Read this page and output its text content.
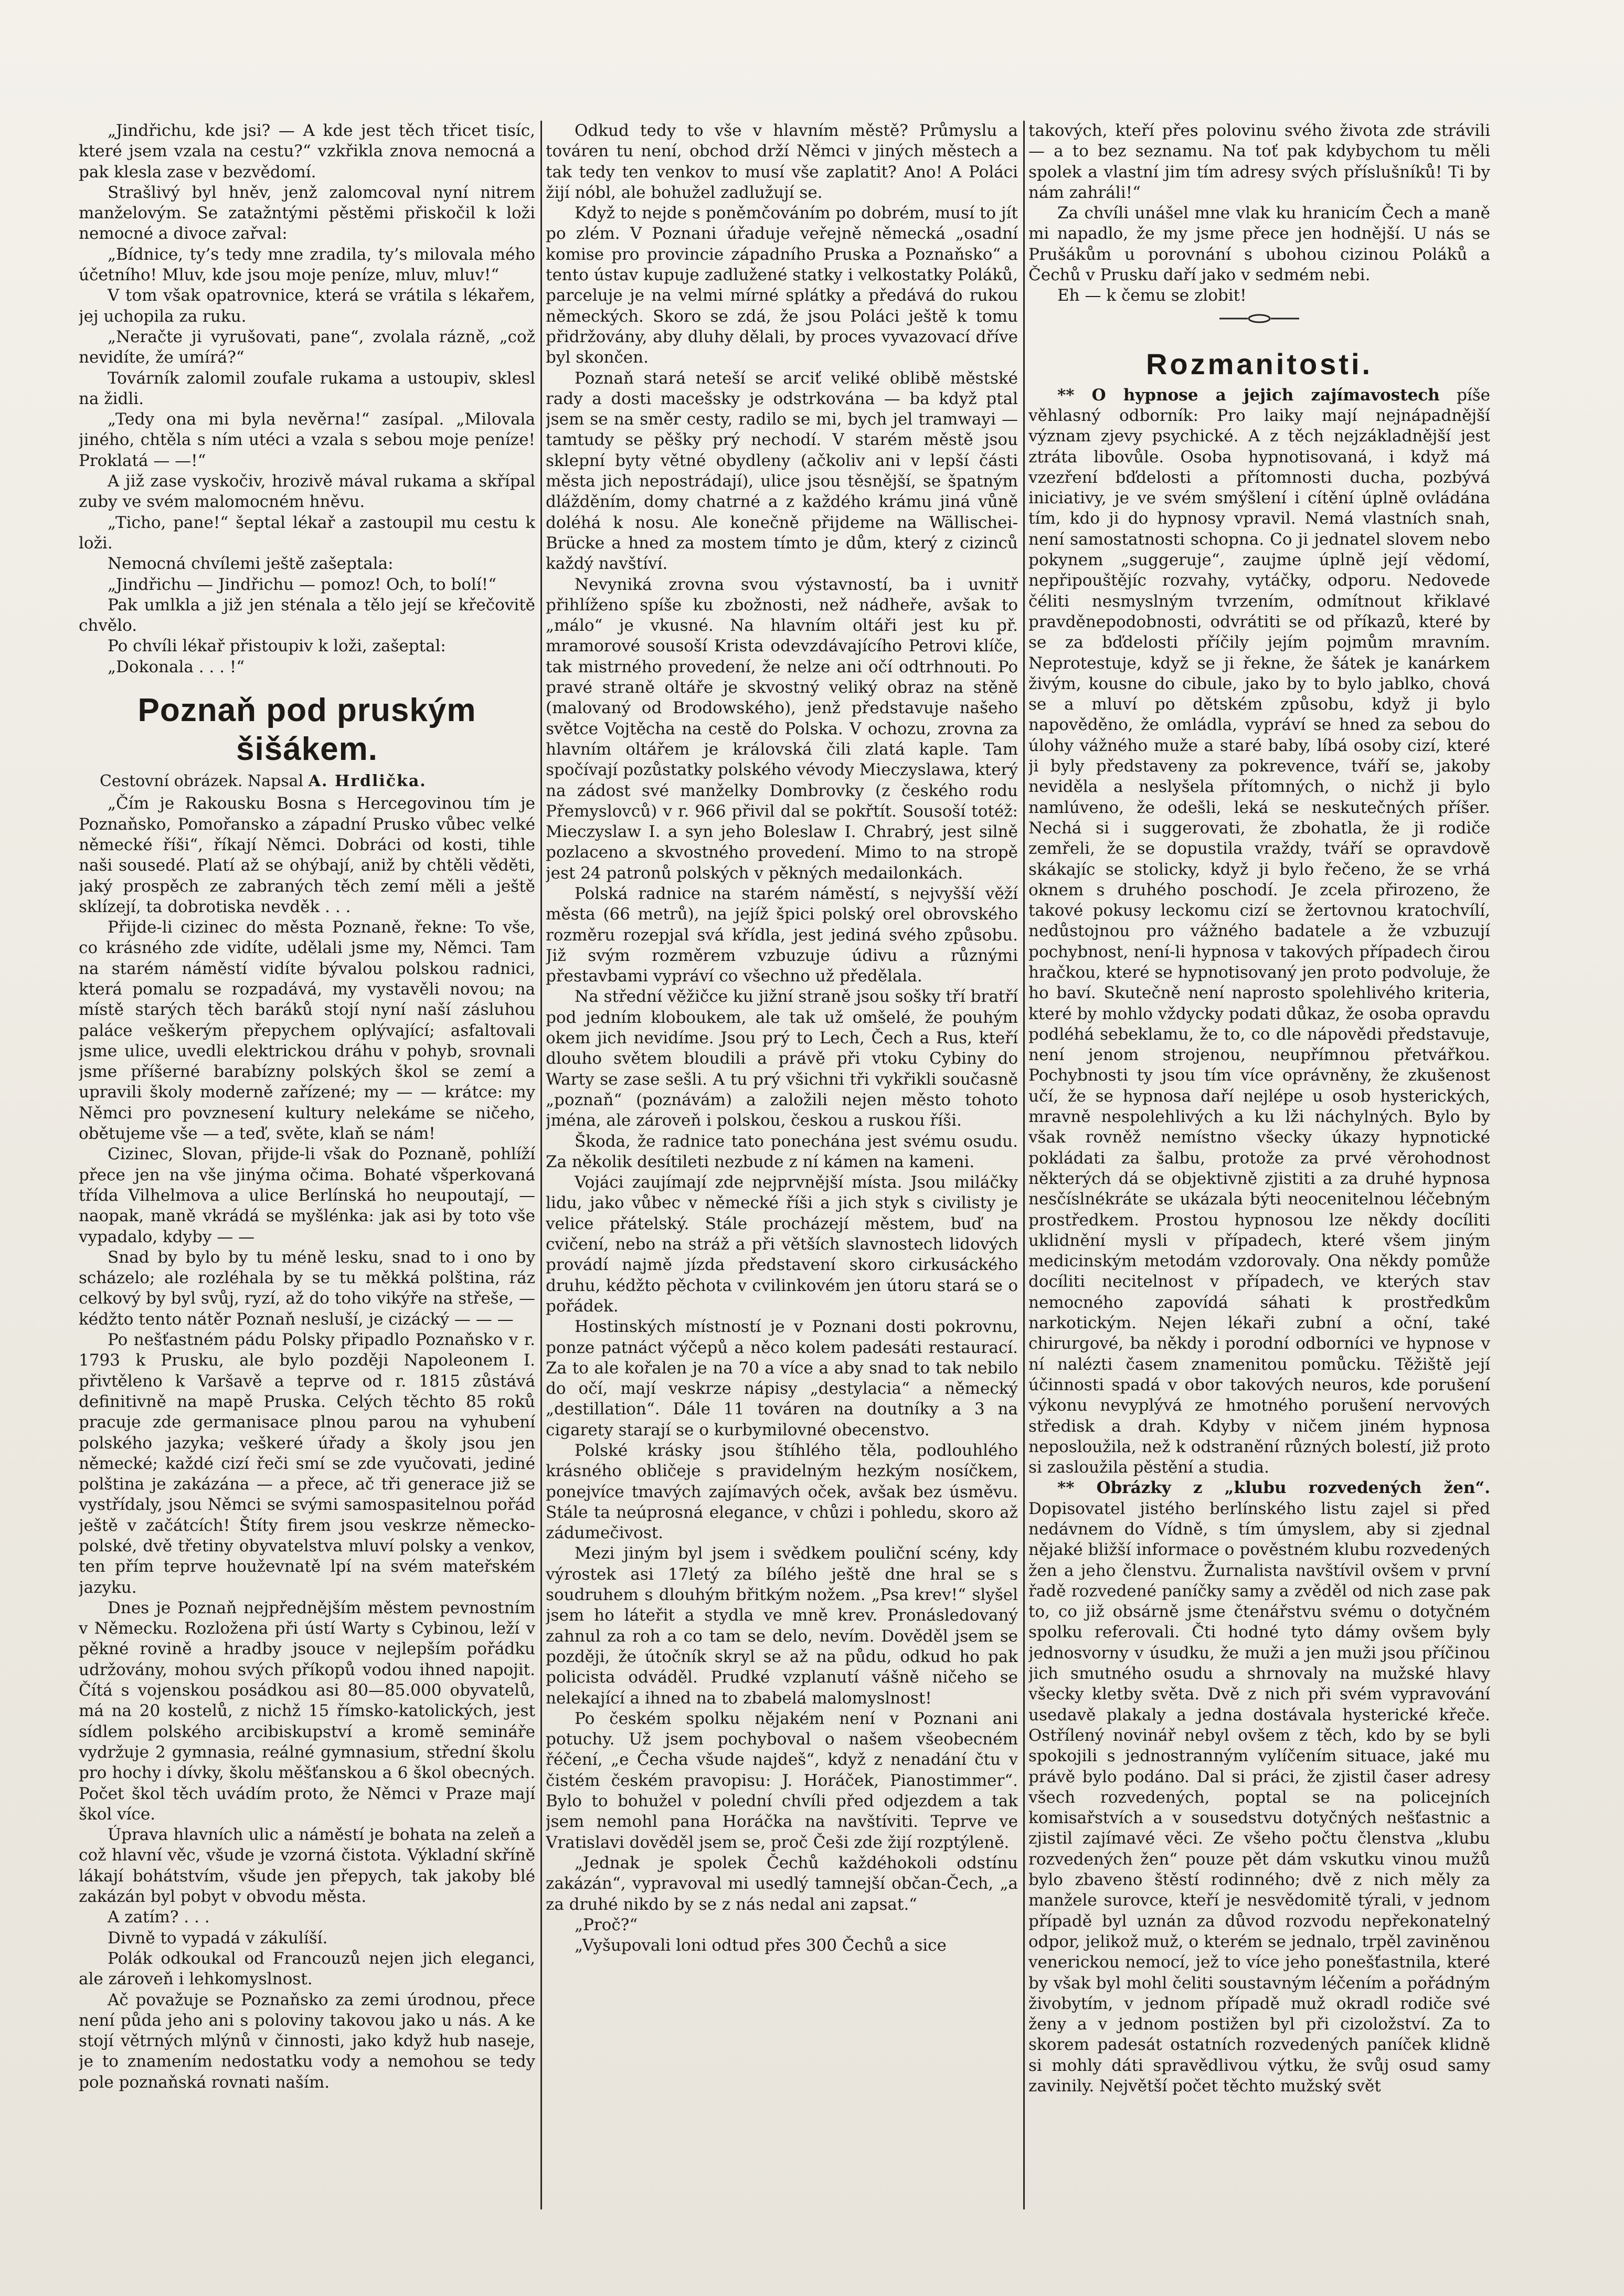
„Jindřichu, kde jsi? — A kde jest těch třicet tisíc, které jsem vzala na cestu?“ vzkřikla znova nemocná a pak klesla zase v bezvědomí.

Strašlivý byl hněv, jenž zalomcoval nyní nitrem manželovým. Se zatažntými pěstěmi přiskočil k loži nemocné a divoce zařval:

„Bídnice, ty’s tedy mne zradila, ty’s milovala mého účetního! Mluv, kde jsou moje peníze, mluv, mluv!“

V tom však opatrovnice, která se vrátila s lékařem, jej uchopila za ruku.

„Neračte ji vyrušovati, pane“, zvolala rázně, „což nevidíte, že umírá?“

Továrník zalomil zoufale rukama a ustoupiv, sklesl na židli.

„Tedy ona mi byla nevěrna!“ zasípal. „Milovala jiného, chtěla s ním utéci a vzala s sebou moje peníze! Proklatá — —!“

A již zase vyskočiv, hrozivě mával rukama a skřípal zuby ve svém malomocném hněvu.

„Ticho, pane!“ šeptal lékař a zastoupil mu cestu k loži.

Nemocná chvílemi ještě zašeptala:

„Jindřichu — Jindřichu — pomoz! Och, to bolí!“

Pak umlkla a již jen sténala a tělo její se křečovitě chvělo.

Po chvíli lékař přistoupiv k loži, zašeptal:

„Dokonala . . . !“

Poznaň pod pruským šišákem.

Cestovní obrázek. Napsal A. Hrdlička.

„Čím je Rakousku Bosna s Hercegovinou tím je Poznaňsko, Pomořansko a západní Prusko vůbec velké německé říši“, říkají Němci. Dobráci od kosti, tihle naši sousedé. Platí až se ohýbají, aniž by chtěli věděti, jaký prospěch ze zabraných těch zemí měli a ještě sklízejí, ta dobrotiska nevděk . . .

Přijde-li cizinec do města Poznaně, řekne: To vše, co krásného zde vidíte, udělali jsme my, Němci. Tam na starém náměstí vidíte bývalou polskou radnici, která pomalu se rozpadává, my vystavěli novou; na místě starých těch baráků stojí nyní naší zásluhou paláce veškerým přepychem oplývající; asfaltovali jsme ulice, uvedli elektrickou dráhu v pohyb, srovnali jsme příšerné barabízny polských škol se zemí a upravili školy moderně zařízené; my — — krátce: my Němci pro povznesení kultury nelekáme se ničeho, obětujeme vše — a teď, světe, klaň se nám!

Cizinec, Slovan, přijde-li však do Poznaně, pohlíží přece jen na vše jinýma očima. Bohaté všperkovaná třída Vilhelmova a ulice Berlínská ho neupoutají, — naopak, maně vkrádá se myšlénka: jak asi by toto vše vypadalo, kdyby — —

Snad by bylo by tu méně lesku, snad to i ono by scházelo; ale rozléhala by se tu měkká polština, ráz celkový by byl svůj, ryzí, až do toho vikýře na střeše, — kédžto tento nátěr Poznaň nesluší, je cizácký — — —

Po nešťastném pádu Polsky připadlo Poznaňsko v r. 1793 k Prusku, ale bylo později Napoleonem I. přivtěleno k Varšavě a teprve od r. 1815 zůstává definitivně na mapě Pruska. Celých těchto 85 roků pracuje zde germanisace plnou parou na vyhubení polského jazyka; veškeré úřady a školy jsou jen německé; každé cizí řeči smí se zde vyučovati, jediné polština je zakázána — a přece, ač tři generace již se vystřídaly, jsou Němci se svými samospasitelnou pořád ještě v začátcích! Štíty firem jsou veskrze německo-polské, dvě třetiny obyvatelstva mluví polsky a venkov, ten přím teprve houževnatě lpí na svém mateřském jazyku.

Dnes je Poznaň nejpřednějším městem pevnostním v Německu. Rozložena při ústí Warty s Cybinou, leží v pěkné rovině a hradby jsouce v nejlepším pořádku udržovány, mohou svých příkopů vodou ihned napojit. Čítá s vojenskou posádkou asi 80—85.000 obyvatelů, má na 20 kostelů, z nichž 15 římsko-katolických, jest sídlem polského arcibiskupství a kromě semináře vydržuje 2 gymnasia, reálné gymnasium, střední školu pro hochy i dívky, školu měšťanskou a 6 škol obecných. Počet škol těch uvádím proto, že Němci v Praze mají škol více.

Úprava hlavních ulic a náměstí je bohata na zeleň a což hlavní věc, všude je vzorná čistota. Výkladní skříně lákají bohátstvím, všude jen přepych, tak jakoby blé zakázán byl pobyt v obvodu města.

A zatím? . . .

Divně to vypadá v zákulíší.

Polák odkoukal od Francouzů nejen jich eleganci, ale zároveň i lehkomyslnost.

Ač považuje se Poznaňsko za zemi úrodnou, přece není půda jeho ani s poloviny takovou jako u nás. A ke stojí větrných mlýnů v činnosti, jako když hub naseje, je to znamením nedostatku vody a nemohou se tedy pole poznaňská rovnati naším.

Odkud tedy to vše v hlavním městě? Průmyslu a továren tu není, obchod drží Němci v jiných městech a tak tedy ten venkov to musí vše zaplatit? Ano! A Poláci žijí nóbl, ale bohužel zadlužují se.

Když to nejde s poněmčováním po dobrém, musí to jít po zlém. V Poznani úřaduje veřejně německá „osadní komise pro provincie západního Pruska a Poznaňsko“ a tento ústav kupuje zadlužené statky i velkostatky Poláků, parceluje je na velmi mírné splátky a předává do rukou německých. Skoro se zdá, že jsou Poláci ještě k tomu přidržovány, aby dluhy dělali, by proces vyvazovací dříve byl skončen.

Poznaň stará neteší se arciť veliké oblibě městské rady a dosti macešsky je odstrkována — ba když ptal jsem se na směr cesty, radilo se mi, bych jel tramwayi — tamtudy se pěšky prý nechodí. V starém městě jsou sklepní byty větné obydleny (ačkoliv ani v lepší části města jich nepostrádají), ulice jsou těsnější, se špatným dlážděním, domy chatrné a z každého krámu jiná vůně doléhá k nosu. Ale konečně přijdeme na Wällischei-Brücke a hned za mostem tímto je dům, který z cizinců každý navštíví.

Nevyniká zrovna svou výstavností, ba i uvnitř přihlíženo spíše ku zbožnosti, než nádheře, avšak to „málo“ je vkusné. Na hlavním oltáři jest ku př. mramorové sousoší Krista odevzdávajícího Petrovi klíče, tak mistrného provedení, že nelze ani očí odtrhnouti. Po pravé straně oltáře je skvostný veliký obraz na stěně (malovaný od Brodowského), jenž představuje našeho světce Vojtěcha na cestě do Polska. V ochozu, zrovna za hlavním oltářem je královská čili zlatá kaple. Tam spočívají pozůstatky polského vévody Mieczyslawa, který na zádost své manželky Dombrovky (z českého rodu Přemyslovců) v r. 966 přivil dal se pokřtít. Sousoší totéž: Mieczyslaw I. a syn jeho Boleslaw I. Chrabrý, jest silně pozlaceno a skvostného provedení. Mimo to na stropě jest 24 patronů polských v pěkných medailonkách.

Polská radnice na starém náměstí, s nejvyšší věží města (66 metrů), na jejíž špici polský orel obrovského rozměru rozepjal svá křídla, jest jediná svého způsobu. Již svým rozměrem vzbuzuje údivu a různými přestavbami vypráví co všechno už předělala.

Na střední věžičce ku jižní straně jsou sošky tří bratří pod jedním kloboukem, ale tak už omšelé, že pouhým okem jich nevidíme. Jsou prý to Lech, Čech a Rus, kteří dlouho světem bloudili a právě při vtoku Cybiny do Warty se zase sešli. A tu prý všichni tři vykřikli současně „poznaň“ (poznávám) a založili nejen město tohoto jména, ale zároveň i polskou, českou a ruskou říši.

Škoda, že radnice tato ponechána jest svému osudu. Za několik desítileti nezbude z ní kámen na kameni.

Vojáci zaujímají zde nejprvnější místa. Jsou miláčky lidu, jako vůbec v německé říši a jich styk s civilisty je velice přátelský. Stále procházejí městem, buď na cvičení, nebo na stráž a při větších slavnostech lidových provádí najmě jízda představení skoro cirkusáckého druhu, kédžto pěchota v cvilinkovém jen útoru stará se o pořádek.

Hostinských místností je v Poznani dosti pokrovnu, ponze patnáct výčepů a něco kolem padesáti restaurací. Za to ale kořalen je na 70 a více a aby snad to tak nebilo do očí, mají veskrze nápisy „destylacia“ a německý „destillation“. Dále 11 továren na doutníky a 3 na cigarety starají se o kurbymilovné obecenstvo.

Polské krásky jsou štíhlého těla, podlouhlého krásného obličeje s pravidelným hezkým nosíčkem, ponejvíce tmavých zajímavých oček, avšak bez úsměvu. Stále ta neúprosná elegance, v chůzi i pohledu, skoro až zádumečivost.

Mezi jiným byl jsem i svědkem pouliční scény, kdy výrostek asi 17letý za bílého ještě dne hral se s soudruhem s dlouhým břitkým nožem. „Psa krev!“ slyšel jsem ho láteřit a stydla ve mně krev. Pronásledovaný zahnul za roh a co tam se delo, nevím. Dověděl jsem se později, že útočník skryl se až na půdu, odkud ho pak policista odváděl. Prudké vzplanutí vášně ničeho se nelekající a ihned na to zbabelá malomyslnost!

Po českém spolku nějakém není v Poznani ani potuchy. Už jsem pochyboval o našem všeobecném řéčení, „e Čecha všude najdeš“, když z nenadání čtu v čistém českém pravopisu: J. Horáček, Pianostimmer“. Bylo to bohužel v polední chvíli před odjezdem a tak jsem nemohl pana Horáčka na navštíviti. Teprve ve Vratislavi dověděl jsem se, proč Češi zde žijí rozptýleně.

„Jednak je spolek Čechů každéhokoli odstínu zakázán“, vypravoval mi usedlý tamnejší občan-Čech, „a za druhé nikdo by se z nás nedal ani zapsat.“

„Proč?“

„Vyšupovali loni odtud přes 300 Čechů a sice

takových, kteří přes polovinu svého života zde strávili — a to bez seznamu. Na toť pak kdybychom tu měli spolek a vlastní jim tím adresy svých příslušníků! Ti by nám zahráli!“

Za chvíli unášel mne vlak ku hranicím Čech a maně mi napadlo, že my jsme přece jen hodnější. U nás se Prušákům u porovnání s ubohou cizinou Poláků a Čechů v Prusku daří jako v sedmém nebi.

Eh — k čemu se zlobit!

Rozmanitosti.

** O hypnose a jejich zajímavostech píše věhlasný odborník: Pro laiky mají nejnápadnější význam zjevy psychické. A z těch nejzákladnější jest ztráta libovůle. Osoba hypnotisovaná, i když má vzezření bďdelosti a přítomnosti ducha, pozbývá iniciativy, je ve svém smýšlení i cítění úplně ovládána tím, kdo ji do hypnosy vpravil. Nemá vlastních snah, není samostatnosti schopna. Co ji jednatel slovem nebo pokynem „suggeruje“, zaujme úplně její vědomí, nepřipouštějíc rozvahy, vytáčky, odporu. Nedovede čéliti nesmyslným tvrzením, odmítnout křiklavé pravděnepodobnosti, odvrátiti se od příkazů, které by se za bďdelosti příčily jejím pojmům mravním. Neprotestuje, když se ji řekne, že šátek je kanárkem živým, kousne do cibule, jako by to bylo jablko, chová se a mluví po dětském způsobu, když ji bylo napověděno, že omládla, vypráví se hned za sebou do úlohy vážného muže a staré baby, líbá osoby cizí, které ji byly představeny za pokrevence, tváří se, jakoby neviděla a neslyšela přítomných, o nichž ji bylo namlúveno, že odešli, leká se neskutečných příšer. Nechá si i suggerovati, že zbohatla, že ji rodiče zemřeli, že se dopustila vraždy, tváří se opravdově skákajíc se stolicky, když ji bylo řečeno, že se vrhá oknem s druhého poschodí. Je zcela přirozeno, že takové pokusy leckomu cizí se žertovnou kratochvílí, nedůstojnou pro vážného badatele a že vzbuzují pochybnost, není-li hypnosa v takových případech čirou hračkou, které se hypnotisovaný jen proto podvoluje, že ho baví. Skutečně není naprosto spolehlivého kriteria, které by mohlo vždycky podati důkaz, že osoba opravdu podléhá sebeklamu, že to, co dle nápovědi představuje, není jenom strojenou, neupřímnou přetvářkou. Pochybnosti ty jsou tím více oprávněny, že zkušenost učí, že se hypnosa daří nejlépe u osob hysterických, mravně nespolehlivých a ku lži náchylných. Bylo by však rovněž nemístno všecky úkazy hypnotické pokládati za šalbu, protože za prvé věrohodnost některých dá se objektivně zjistiti a za druhé hypnosa nesčíslnékráte se ukázala býti neocenitelnou léčebným prostředkem. Prostou hypnosou lze někdy docíliti uklidnění mysli v případech, které všem jiným medicinským metodám vzdorovaly. Ona někdy pomůže docíliti necitelnost v případech, ve kterých stav nemocného zapovídá sáhati k prostředkům narkotickým. Nejen lékaři zubní a oční, také chirurgové, ba někdy i porodní odborníci ve hypnose v ní nalézti časem znamenitou pomůcku. Těžiště její účinnosti spadá v obor takových neuros, kde porušení výkonu nevyplývá ze hmotného porušení nervových středisk a drah. Kdyby v ničem jiném hypnosa neposloužila, než k odstranění různých bolestí, již proto si zasloužila pěstění a studia.

** Obrázky z „klubu rozvedených žen“. Dopisovatel jistého berlínského listu zajel si před nedávnem do Vídně, s tím úmyslem, aby si zjednal nějaké bližší informace o pověstném klubu rozvedených žen a jeho členstvu. Žurnalista navštívil ovšem v první řadě rozvedené paníčky samy a zvěděl od nich zase pak to, co již obsárně jsme čtenářstvu svému o dotyčném spolku referovali. Čti hodné tyto dámy ovšem byly jednosvorny v úsudku, že muži a jen muži jsou příčinou jich smutného osudu a shrnovaly na mužské hlavy všecky kletby světa. Dvě z nich při svém vypravování usedavě plakaly a jedna dostávala hysterické křeče. Ostřílený novinář nebyl ovšem z těch, kdo by se byli spokojili s jednostranným vylíčením situace, jaké mu právě bylo podáno. Dal si práci, že zjistil časer adresy všech rozvedených, poptal se na policejních komisařstvích a v sousedstvu dotyčných nešťastnic a zjistil zajímavé věci. Ze všeho počtu členstva „klubu rozvedených žen“ pouze pět dám vskutku vinou mužů bylo zbaveno štěstí rodinného; dvě z nich měly za manžele surovce, kteří je nesvědomitě týrali, v jednom případě byl uznán za důvod rozvodu nepřekonatelný odpor, jelikož muž, o kterém se jednalo, trpěl zaviněnou venerickou nemocí, jež to více jeho ponešťastnila, které by však byl mohl čeliti soustavným léčením a pořádným živobytím, v jednom případě muž okradl rodiče své ženy a v jednom postižen byl při cizoložství. Za to skorem padesát ostatních rozvedených paníček klidně si mohly dáti spravědlivou výtku, že svůj osud samy zavinily. Největší počet těchto mužský svět
